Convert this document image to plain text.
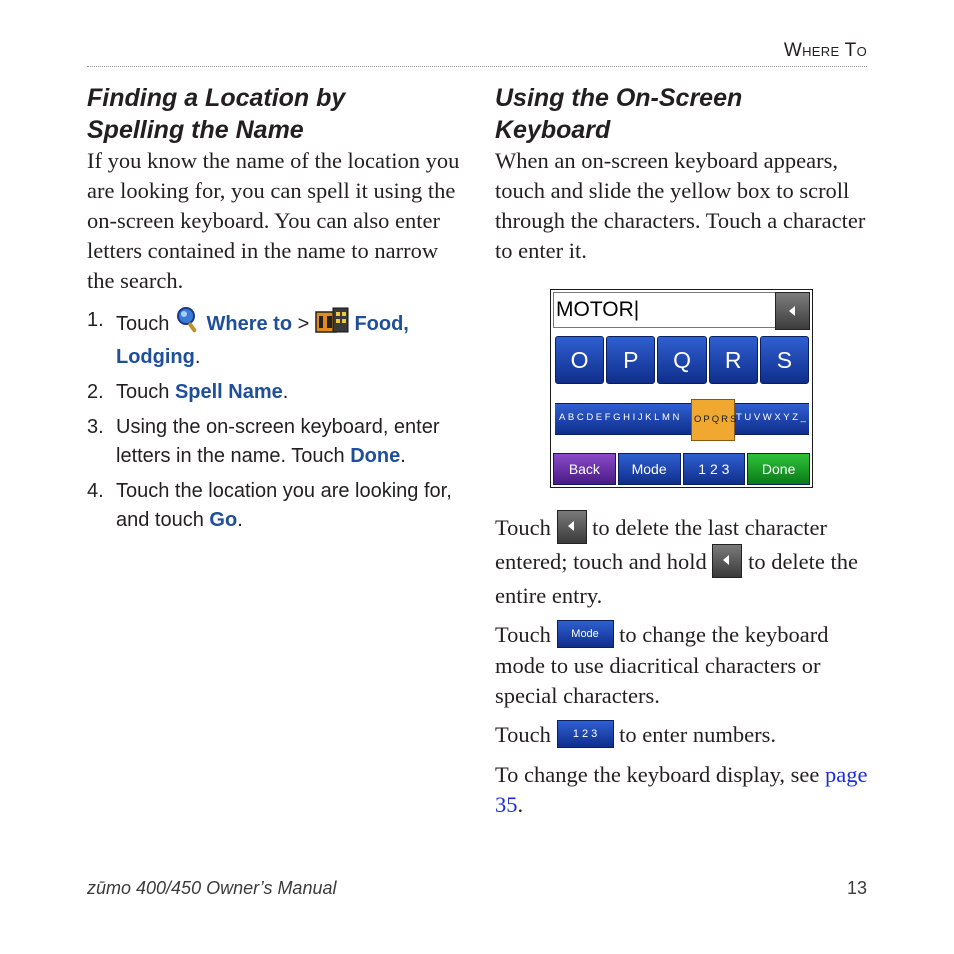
Where To
Finding a Location by
Spelling the Name

If you know the name of the location you are looking for, you can spell it using the on-screen keyboard. You can also enter letters contained in the name to narrow the search.

1. Touch Where to > Food,
Lodging.
2. Touch Spell Name.
3. Using the on-screen keyboard, enter letters in the name. Touch Done.
4. Touch the location you are looking for, and touch Go.
Using the On-Screen
Keyboard

When an on-screen keyboard appears, touch and slide the yellow box to scroll through the characters. Touch a character to enter it.

MOTOR|
O	P	Q	R	S
ABCDEFGHIJKLMN OPQRS
TUVWXYZ_
Back	Mode	1 2 3	Done

Touch to delete the last character entered; touch and hold to delete the entire entry.

Touch Mode to change the keyboard mode to use diacritical characters or special characters.

Touch 1 2 3 to enter numbers.

To change the keyboard display, see page 35.

zūmo 400/450 Owner’s Manual	13
